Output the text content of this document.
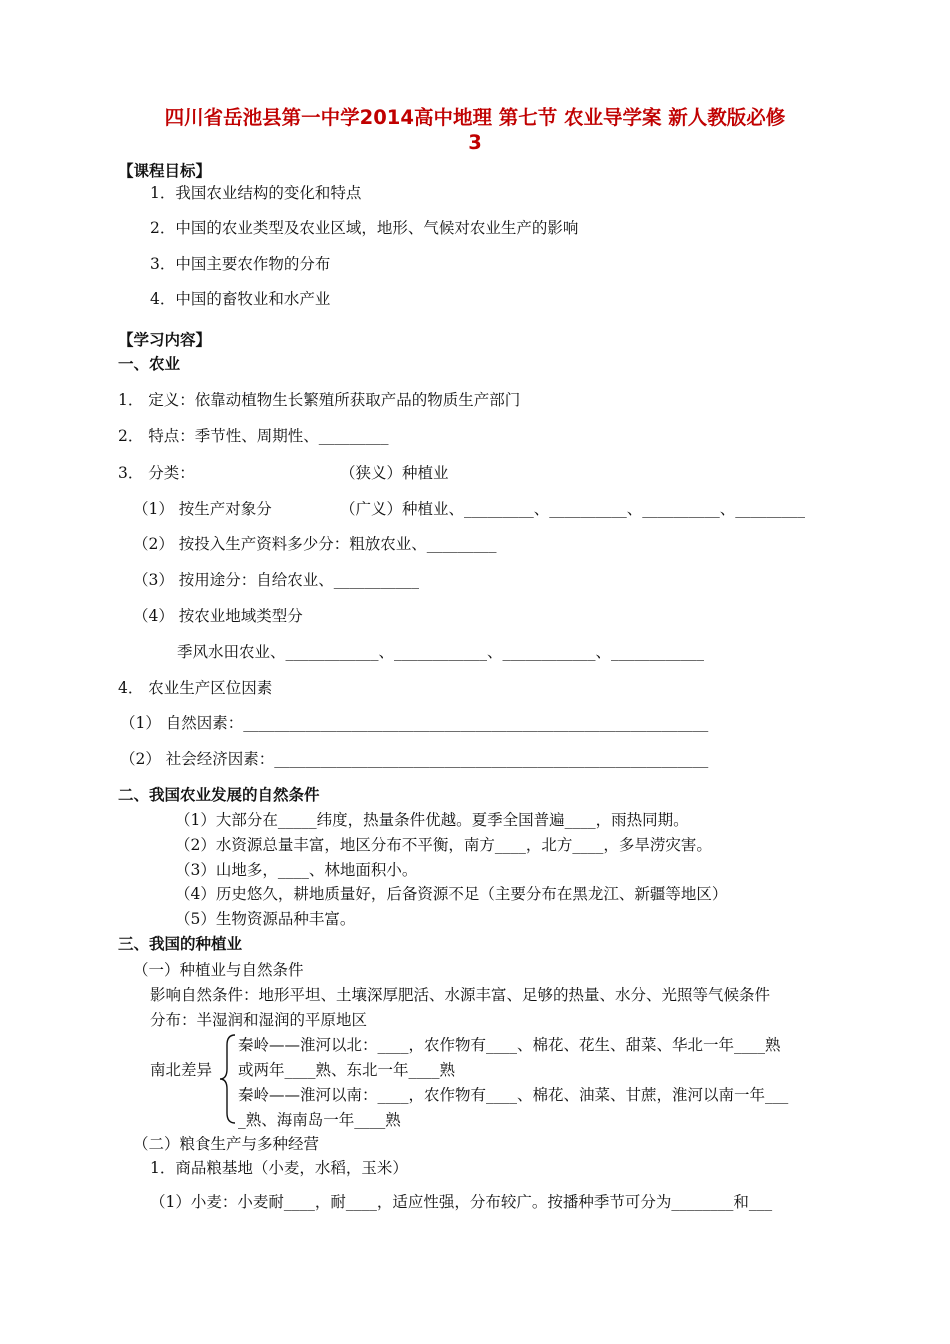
四川省岳池县第一中学2014高中地理 第七节 农业导学案 新人教版必修
3
【课程目标】
1．我国农业结构的变化和特点
2．中国的农业类型及农业区域，地形、气候对农业生产的影响
3．中国主要农作物的分布
4．中国的畜牧业和水产业
【学习内容】
一、农业
1． 定义：依靠动植物生长繁殖所获取产品的物质生产部门
2． 特点：季节性、周期性、_________
3． 分类：	（狭义）种植业
（1） 按生产对象分	（广义）种植业、_________、__________、__________、_________
（2） 按投入生产资料多少分：粗放农业、_________
（3） 按用途分：自给农业、___________
（4） 按农业地域类型分
季风水田农业、____________、____________、____________、____________
4． 农业生产区位因素
（1） 自然因素：____________________________________________________________
（2） 社会经济因素：________________________________________________________
二、我国农业发展的自然条件
（1）大部分在_____纬度，热量条件优越。夏季全国普遍____，雨热同期。
（2）水资源总量丰富，地区分布不平衡，南方____，北方____，多旱涝灾害。
（3）山地多，____、林地面积小。
（4）历史悠久，耕地质量好，后备资源不足（主要分布在黑龙江、新疆等地区）
（5）生物资源品种丰富。
三、我国的种植业
（一）种植业与自然条件
影响自然条件：地形平坦、土壤深厚肥活、水源丰富、足够的热量、水分、光照等气候条件
分布：半湿润和湿润的平原地区
南北差异
秦岭——淮河以北：____，农作物有____、棉花、花生、甜菜、华北一年____熟
或两年____熟、东北一年____熟
秦岭——淮河以南：____，农作物有____、棉花、油菜、甘蔗，淮河以南一年___
_熟、海南岛一年____熟
（二）粮食生产与多种经营
1．商品粮基地（小麦，水稻，玉米）
（1）小麦：小麦耐____，耐____，适应性强，分布较广。按播种季节可分为________和___
